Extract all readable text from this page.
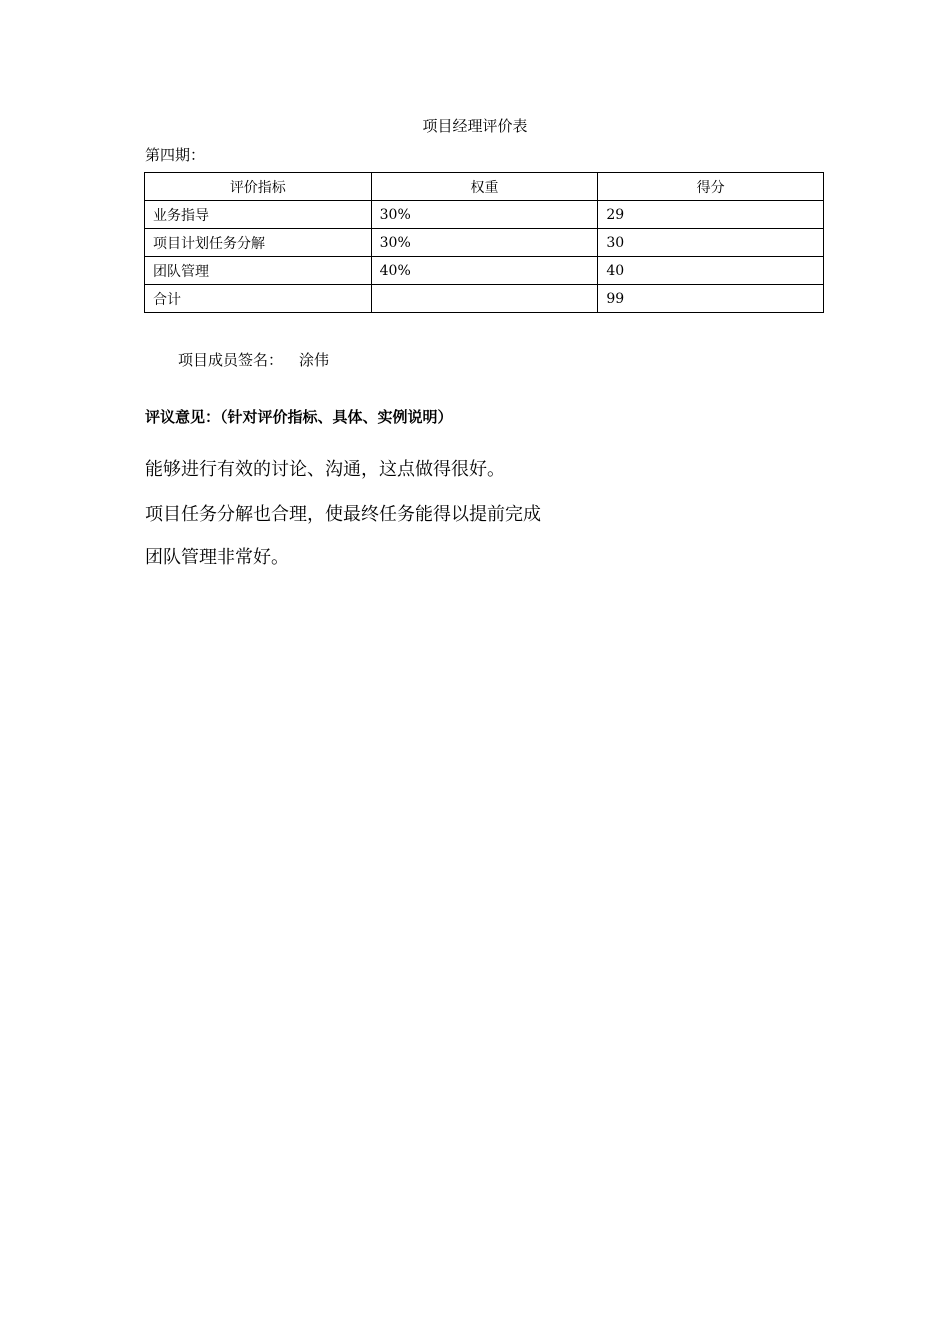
项目经理评价表
第四期：
评价指标	权重	得分
业务指导	30%	29
项目计划任务分解	30%	30
团队管理	40%	40
合计		99
项目成员签名： 涂伟
评议意见：（针对评价指标、具体、实例说明）
能够进行有效的讨论、沟通，这点做得很好。
项目任务分解也合理，使最终任务能得以提前完成
团队管理非常好。
